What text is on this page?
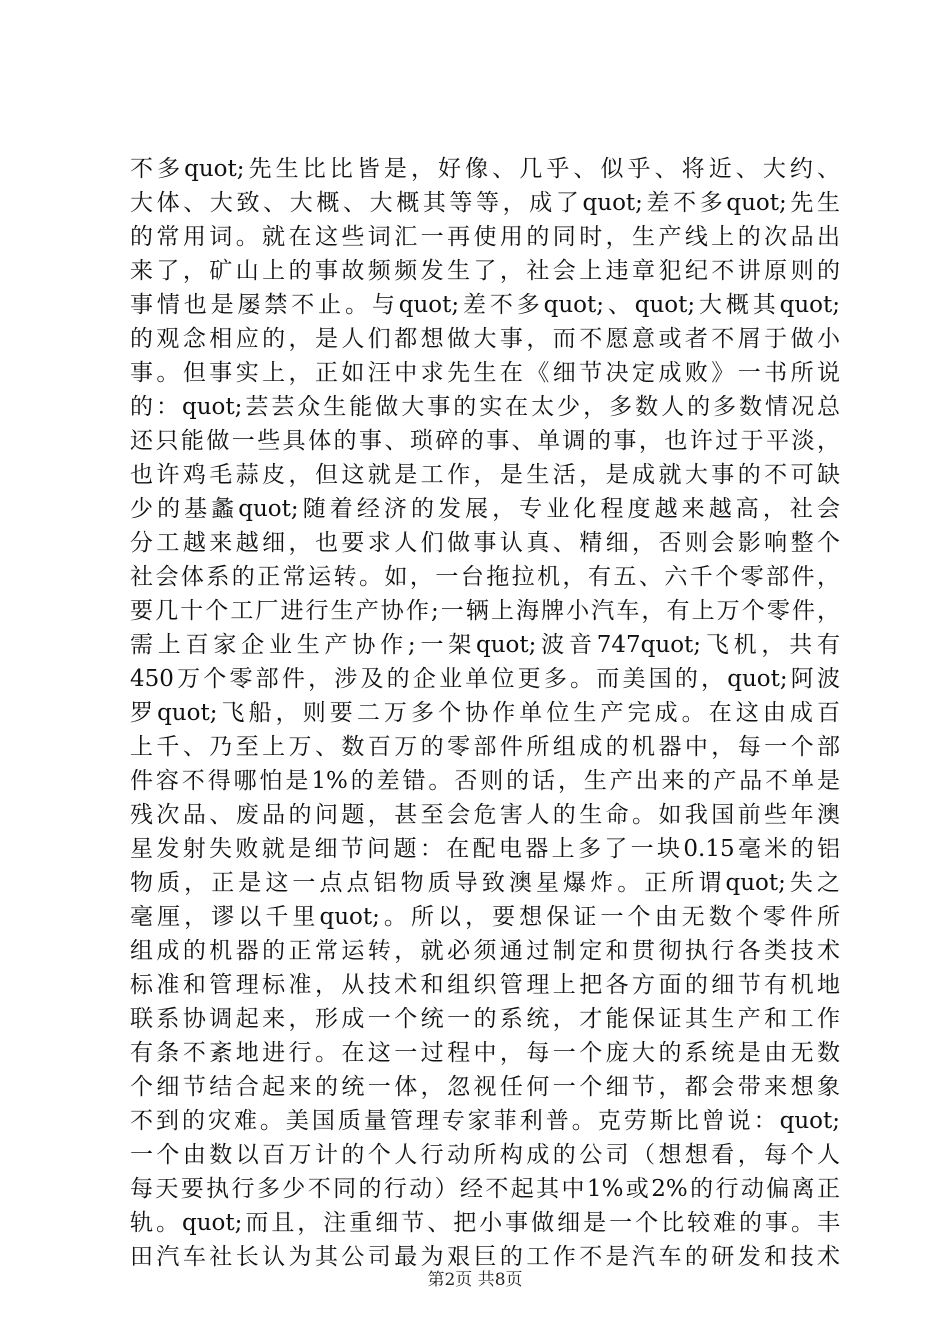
不多quot;先生比比皆是，好像、几乎、似乎、将近、大约、
大体、大致、大概、大概其等等，成了quot;差不多quot;先生
的常用词。就在这些词汇一再使用的同时，生产线上的次品出
来了，矿山上的事故频频发生了，社会上违章犯纪不讲原则的
事情也是屡禁不止。与quot;差不多quot;、quot;大概其quot;
的观念相应的，是人们都想做大事，而不愿意或者不屑于做小
事。但事实上，正如汪中求先生在《细节决定成败》一书所说
的：quot;芸芸众生能做大事的实在太少，多数人的多数情况总
还只能做一些具体的事、琐碎的事、单调的事，也许过于平淡，
也许鸡毛蒜皮，但这就是工作，是生活，是成就大事的不可缺
少的基蠡quot;随着经济的发展，专业化程度越来越高，社会
分工越来越细，也要求人们做事认真、精细，否则会影响整个
社会体系的正常运转。如，一台拖拉机，有五、六千个零部件，
要几十个工厂进行生产协作;一辆上海牌小汽车，有上万个零件，
需上百家企业生产协作;一架quot;波音747quot;飞机，共有
450万个零部件，涉及的企业单位更多。而美国的，quot;阿波
罗quot;飞船，则要二万多个协作单位生产完成。在这由成百
上千、乃至上万、数百万的零部件所组成的机器中，每一个部
件容不得哪怕是1%的差错。否则的话，生产出来的产品不单是
残次品、废品的问题，甚至会危害人的生命。如我国前些年澳
星发射失败就是细节问题：在配电器上多了一块0.15毫米的铝
物质，正是这一点点铝物质导致澳星爆炸。正所谓quot;失之
毫厘，谬以千里quot;。所以，要想保证一个由无数个零件所
组成的机器的正常运转，就必须通过制定和贯彻执行各类技术
标准和管理标准，从技术和组织管理上把各方面的细节有机地
联系协调起来，形成一个统一的系统，才能保证其生产和工作
有条不紊地进行。在这一过程中，每一个庞大的系统是由无数
个细节结合起来的统一体，忽视任何一个细节，都会带来想象
不到的灾难。美国质量管理专家菲利普。克劳斯比曾说：quot;
一个由数以百万计的个人行动所构成的公司（想想看，每个人
每天要执行多少不同的行动）经不起其中1%或2%的行动偏离正
轨。quot;而且，注重细节、把小事做细是一个比较难的事。丰
田汽车社长认为其公司最为艰巨的工作不是汽车的研发和技术
第2页 共8页
